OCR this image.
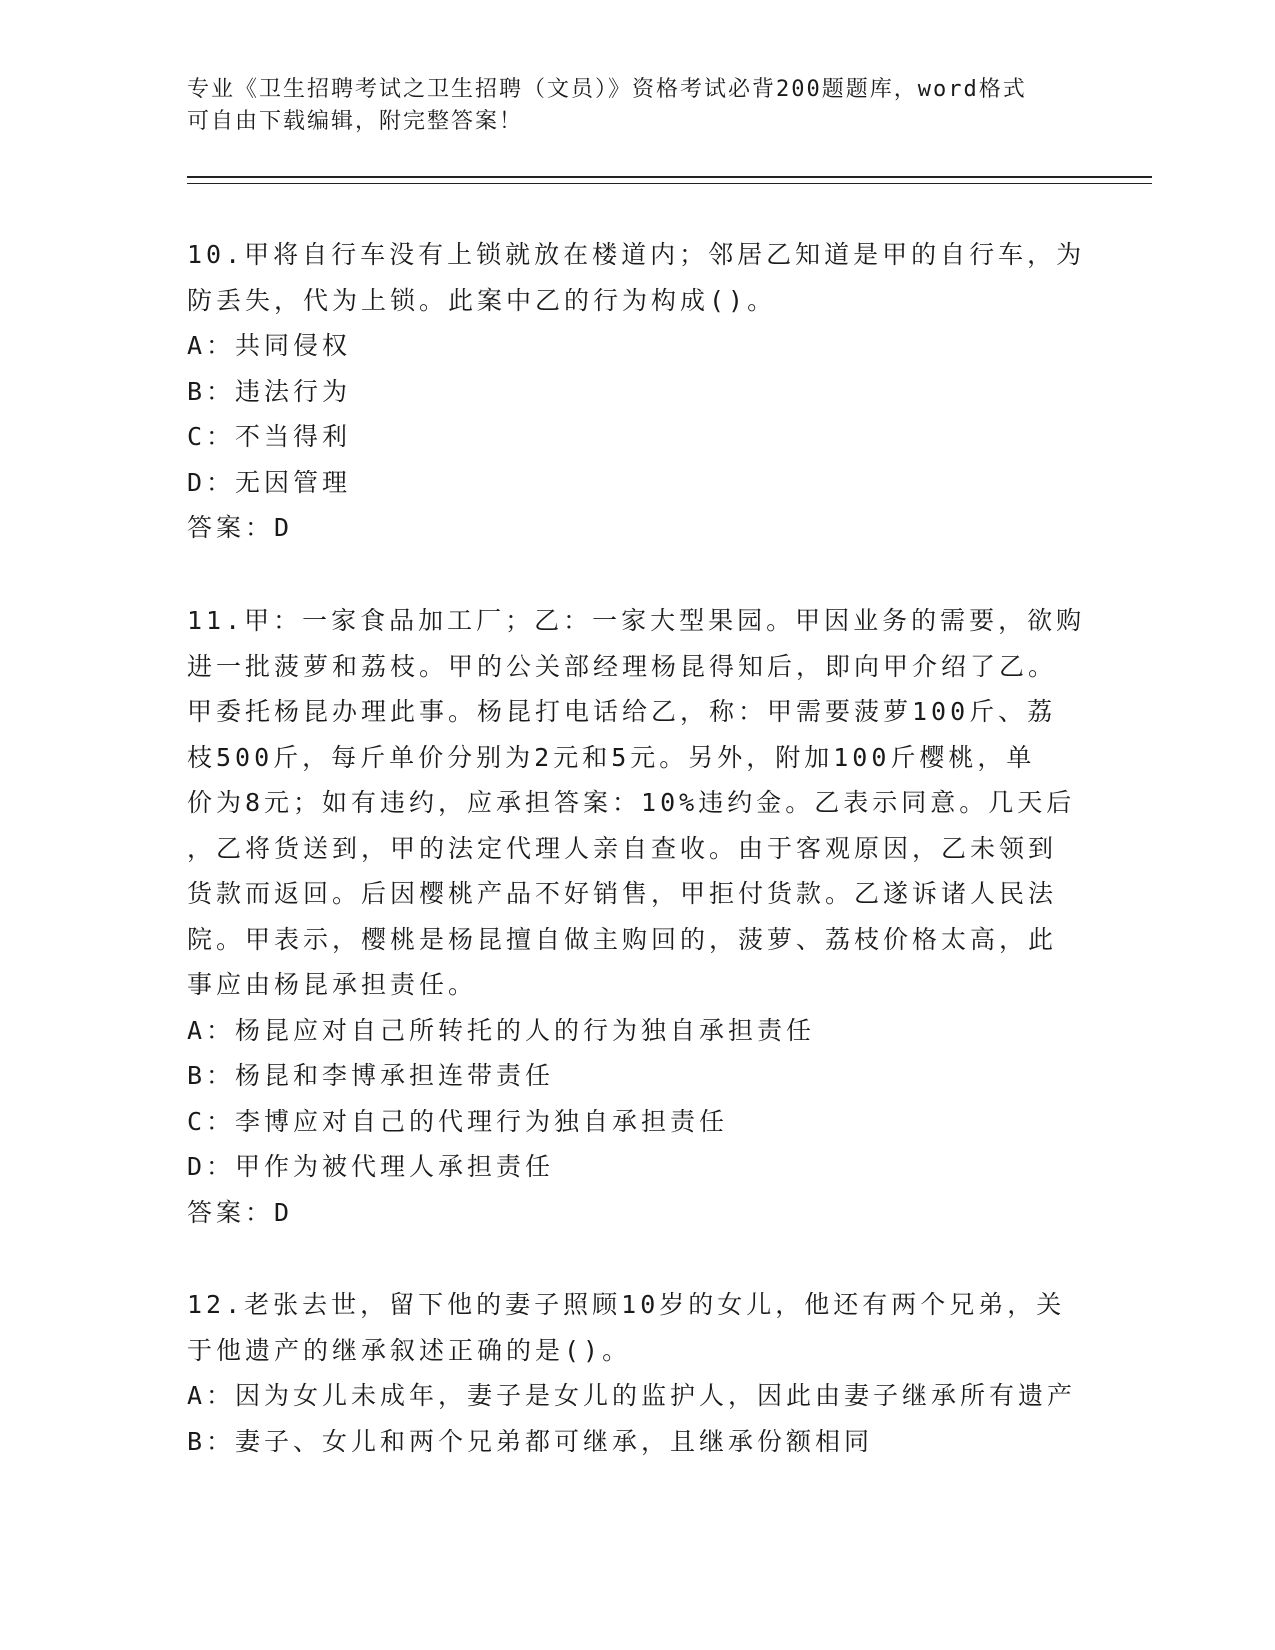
专业《卫生招聘考试之卫生招聘（文员）》资格考试必背200题题库，word格式
可自由下载编辑，附完整答案！
10.甲将自行车没有上锁就放在楼道内；邻居乙知道是甲的自行车，为
防丢失，代为上锁。此案中乙的行为构成()。
A：共同侵权
B：违法行为
C：不当得利
D：无因管理
答案：D
11.甲：一家食品加工厂；乙：一家大型果园。甲因业务的需要，欲购
进一批菠萝和荔枝。甲的公关部经理杨昆得知后，即向甲介绍了乙。
甲委托杨昆办理此事。杨昆打电话给乙，称：甲需要菠萝100斤、荔
枝500斤，每斤单价分别为2元和5元。另外，附加100斤樱桃，单
价为8元；如有违约，应承担答案：10%违约金。乙表示同意。几天后
，乙将货送到，甲的法定代理人亲自查收。由于客观原因，乙未领到
货款而返回。后因樱桃产品不好销售，甲拒付货款。乙遂诉诸人民法
院。甲表示，樱桃是杨昆擅自做主购回的，菠萝、荔枝价格太高，此
事应由杨昆承担责任。
A：杨昆应对自己所转托的人的行为独自承担责任
B：杨昆和李博承担连带责任
C：李博应对自己的代理行为独自承担责任
D：甲作为被代理人承担责任
答案：D
12.老张去世，留下他的妻子照顾10岁的女儿，他还有两个兄弟，关
于他遗产的继承叙述正确的是()。
A：因为女儿未成年，妻子是女儿的监护人，因此由妻子继承所有遗产
B：妻子、女儿和两个兄弟都可继承，且继承份额相同
